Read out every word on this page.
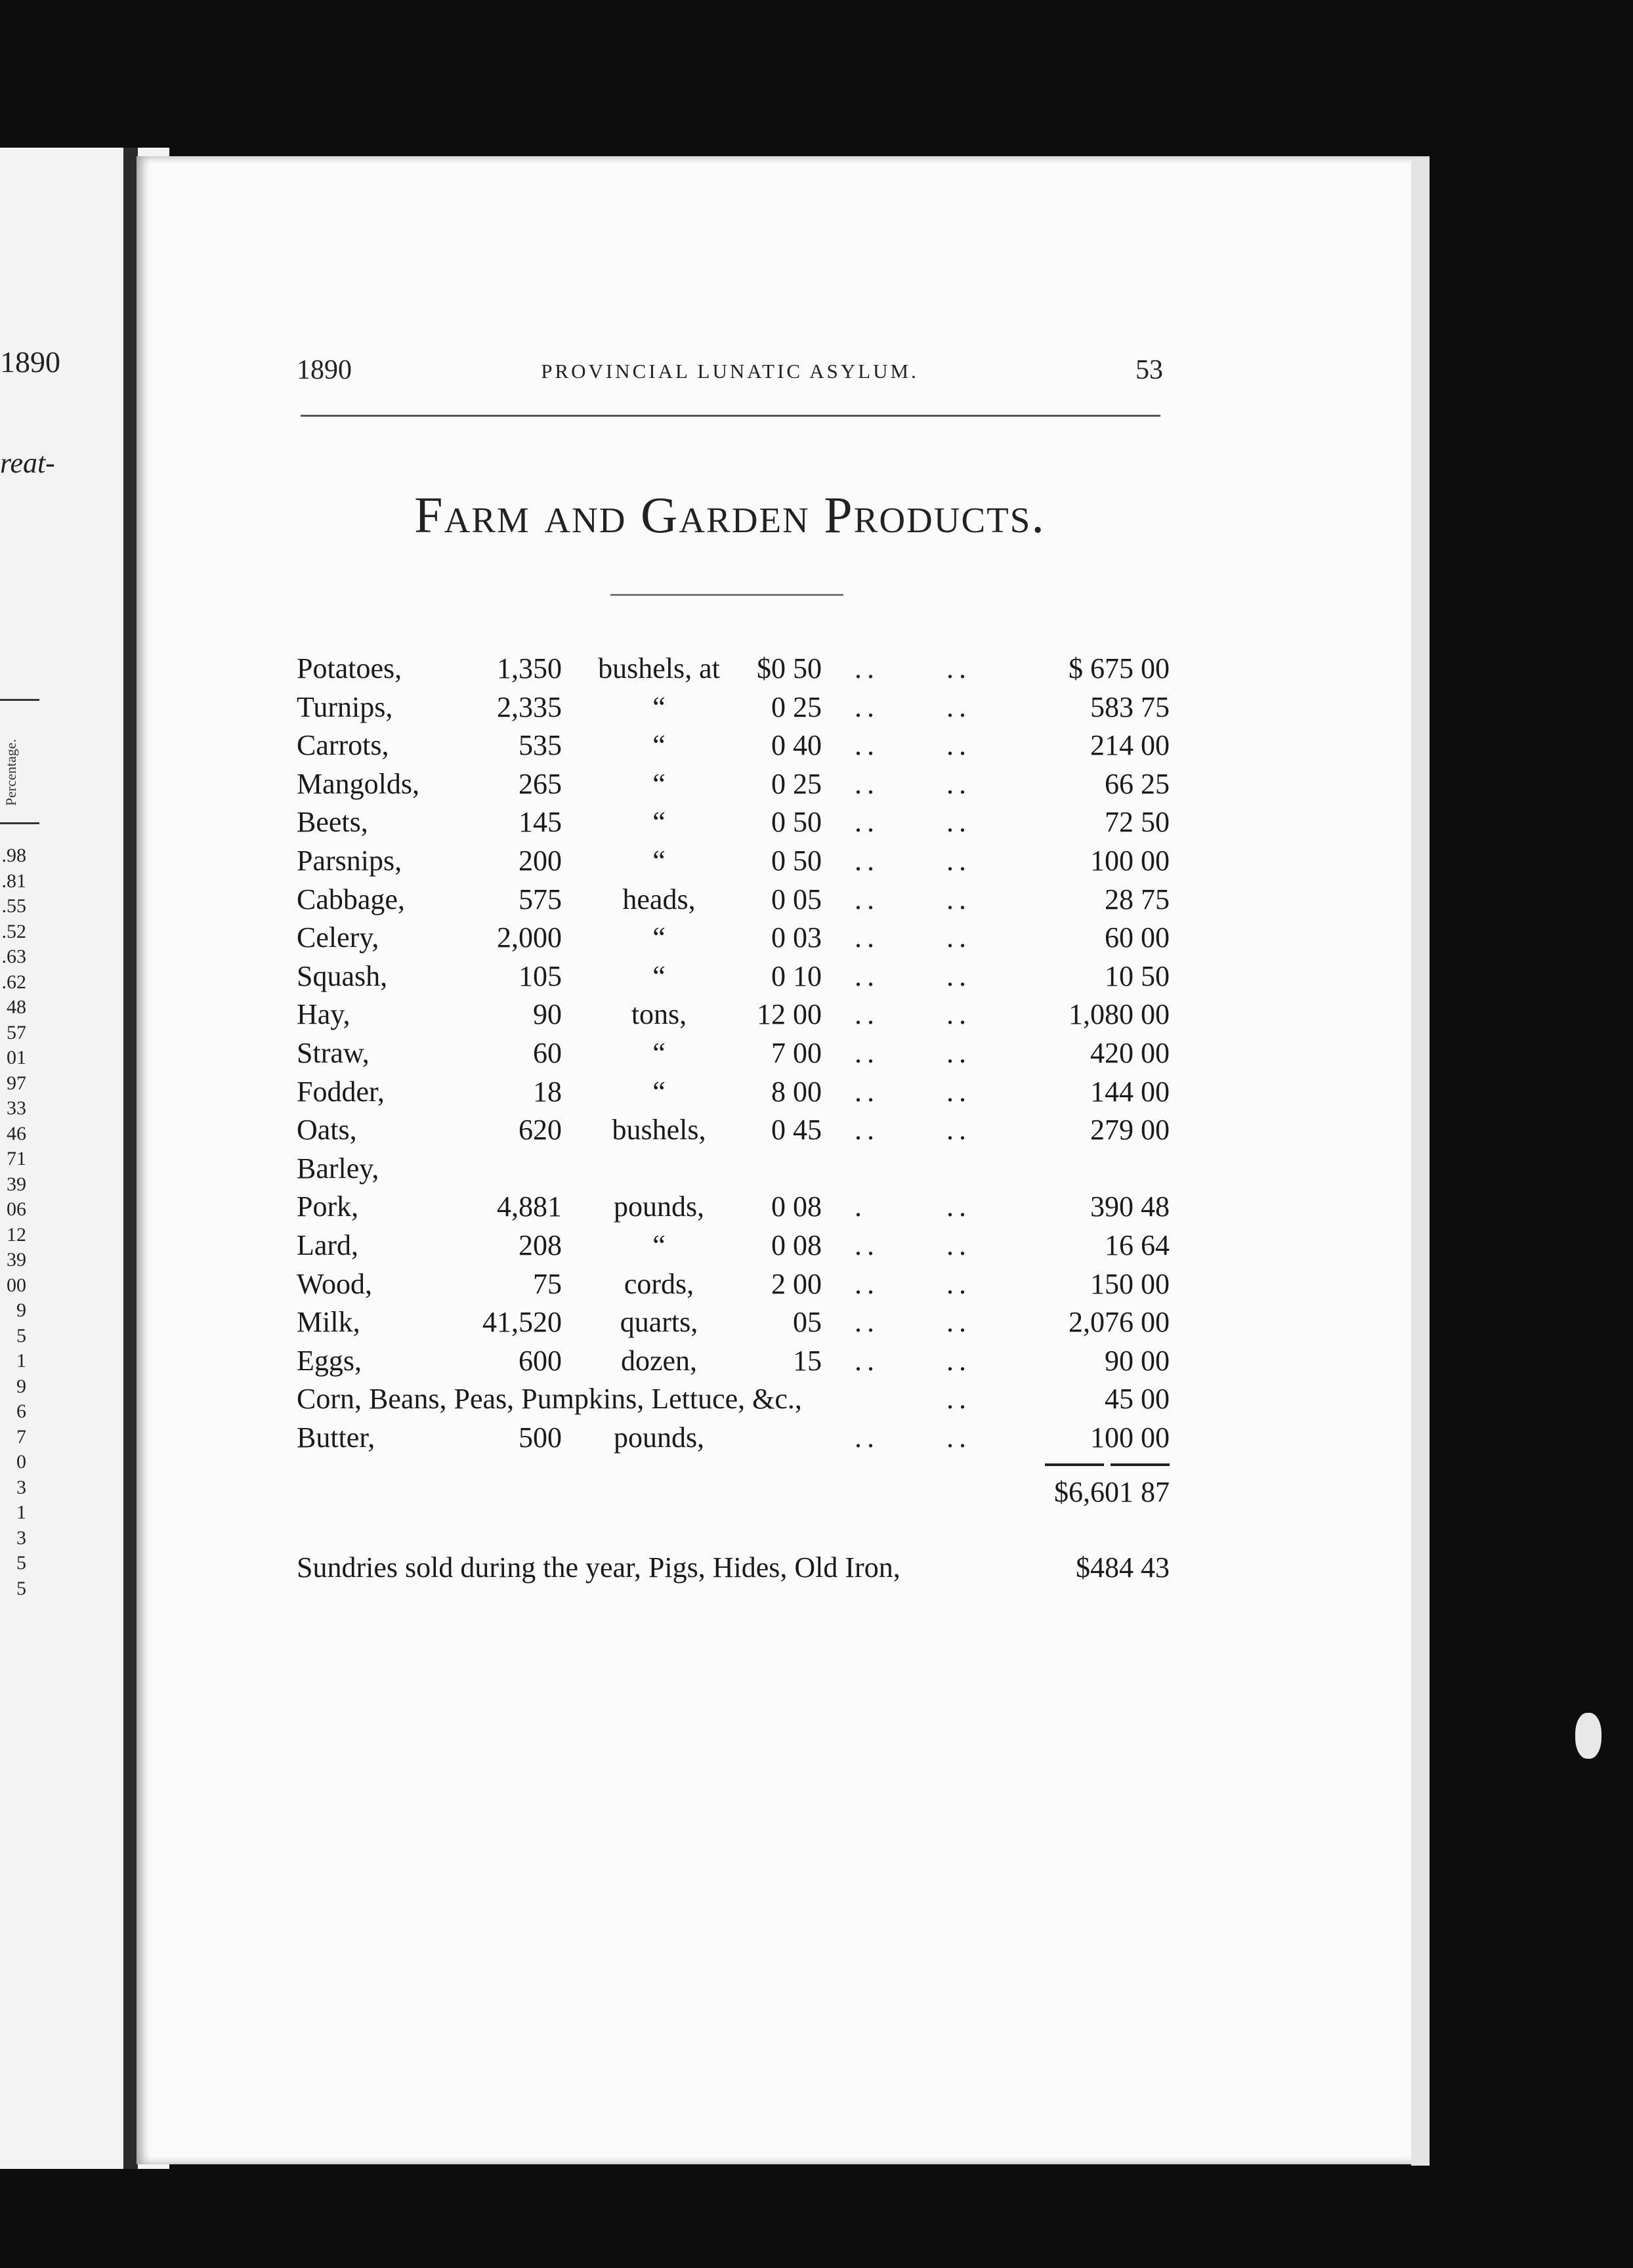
1890
reat-
Percentage.
.98
.81
.55
.52
.63
.62
48
57
01
97
33
46
71
39
06
12
39
00
9
5
1
9
6
7
0
3
1
3
5
5
1890	PROVINCIAL LUNATIC ASYLUM.	53
Farm and Garden Products.
Potatoes,	1,350 bushels, at $0 50 .. ..	$ 675 00
Turnips,	2,335	“	0 25 .. ..	583 75
Carrots,	535	“	0 40 .. ..	214 00
Mangolds,	265	“	0 25 .. ..	66 25
Beets,	145	“	0 50 .. ..	72 50
Parsnips,	200	“	0 50 .. ..	100 00
Cabbage,	575	heads,	0 05 .. ..	28 75
Celery,	2,000	“	0 03 .. ..	60 00
Squash,	105	“	0 10 .. ..	10 50
Hay,	90	tons,	12 00 .. ..	1,080 00
Straw,	60	“	7 00 .. ..	420 00
Fodder,	18	“	8 00 .. ..	144 00
Oats,	620	bushels,	0 45 .. ..	279 00
Barley,
Pork,	4,881	pounds,	0 08 .	..	390 48
Lard,	208	“	0 08 .. ..	16 64
Wood,	75	cords,	2 00 .. ..	150 00
Milk,	41,520	quarts,	05 .. ..	2,076 00
Eggs,	600	dozen,	15 .. ..	90 00
Corn, Beans, Peas, Pumpkins, Lettuce, &c.,	..	45 00
Butter,	500	pounds,	.. ..	100 00
$6,601 87
Sundries sold during the year, Pigs, Hides, Old Iron,	$484 43
